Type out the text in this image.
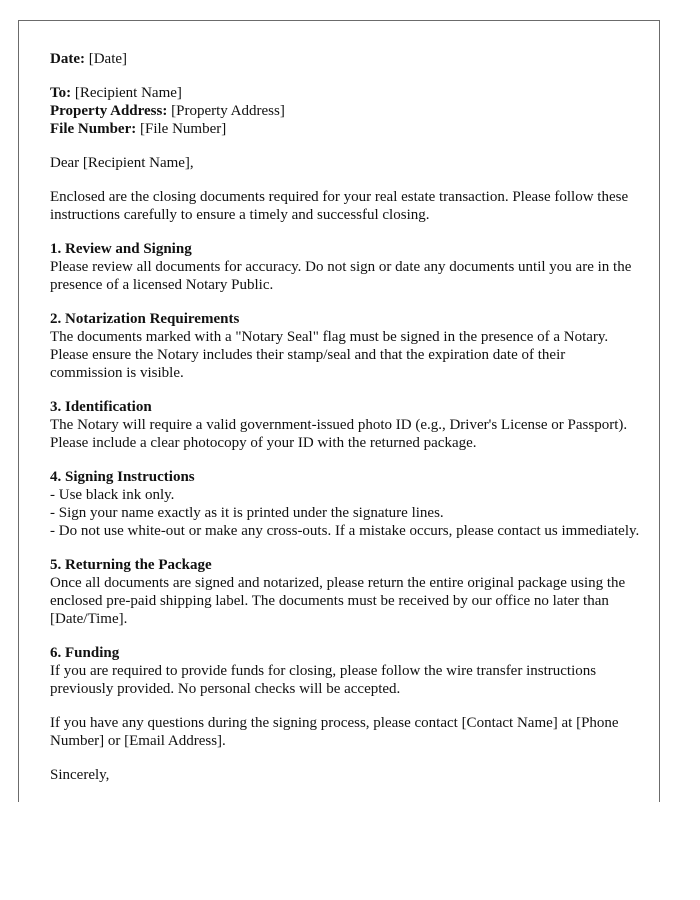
Date: [Date]
To: [Recipient Name]
Property Address: [Property Address]
File Number: [File Number]
Dear [Recipient Name],
Enclosed are the closing documents required for your real estate transaction. Please follow these instructions carefully to ensure a timely and successful closing.
1. Review and Signing
Please review all documents for accuracy. Do not sign or date any documents until you are in the presence of a licensed Notary Public.
2. Notarization Requirements
The documents marked with a "Notary Seal" flag must be signed in the presence of a Notary. Please ensure the Notary includes their stamp/seal and that the expiration date of their commission is visible.
3. Identification
The Notary will require a valid government-issued photo ID (e.g., Driver's License or Passport). Please include a clear photocopy of your ID with the returned package.
4. Signing Instructions
- Use black ink only.
- Sign your name exactly as it is printed under the signature lines.
- Do not use white-out or make any cross-outs. If a mistake occurs, please contact us immediately.
5. Returning the Package
Once all documents are signed and notarized, please return the entire original package using the enclosed pre-paid shipping label. The documents must be received by our office no later than [Date/Time].
6. Funding
If you are required to provide funds for closing, please follow the wire transfer instructions previously provided. No personal checks will be accepted.
If you have any questions during the signing process, please contact [Contact Name] at [Phone Number] or [Email Address].
Sincerely,
